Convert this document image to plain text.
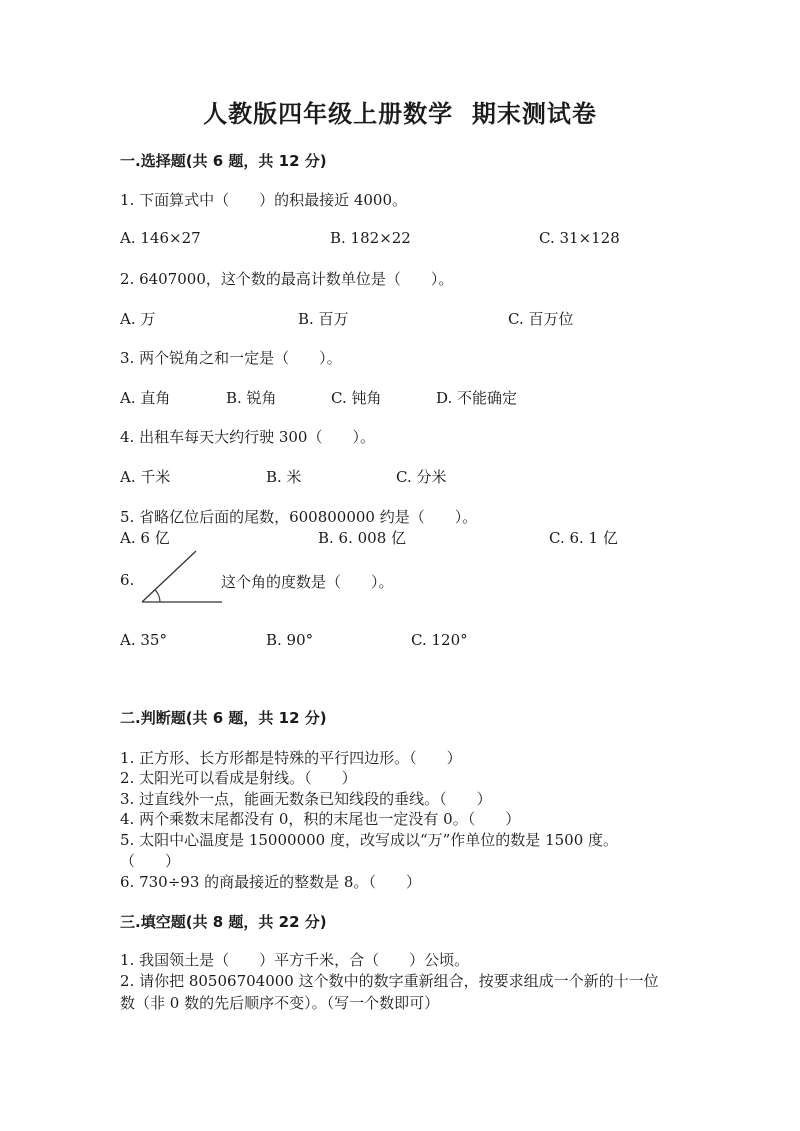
人教版四年级上册数学  期末测试卷
一.选择题(共 6 题，共 12 分)
1. 下面算式中（　　）的积最接近 4000。
A. 146×27	B. 182×22	C. 31×128
2. 6407000，这个数的最高计数单位是（　　）。
A. 万	B. 百万	C. 百万位
3. 两个锐角之和一定是（　　）。
A. 直角	B. 锐角	C. 钝角	D. 不能确定
4. 出租车每天大约行驶 300（　　）。
A. 千米	B. 米	C. 分米
5. 省略亿位后面的尾数，600800000 约是（　　）。
A. 6 亿	B. 6. 008 亿	C. 6. 1 亿
6.	这个角的度数是（　　）。
A. 35°	B. 90°	C. 120°
二.判断题(共 6 题，共 12 分)
1. 正方形、长方形都是特殊的平行四边形。（　　）
2. 太阳光可以看成是射线。（　　）
3. 过直线外一点，能画无数条已知线段的垂线。（　　）
4. 两个乘数末尾都没有 0，积的末尾也一定没有 0。（　　）
5. 太阳中心温度是 15000000 度，改写成以“万”作单位的数是 1500 度。
（　　）
6. 730÷93 的商最接近的整数是 8。（　　）
三.填空题(共 8 题，共 22 分)
1. 我国领土是（　　）平方千米，合（　　）公顷。
2. 请你把 80506704000 这个数中的数字重新组合，按要求组成一个新的十一位
数（非 0 数的先后顺序不变）。（写一个数即可）
